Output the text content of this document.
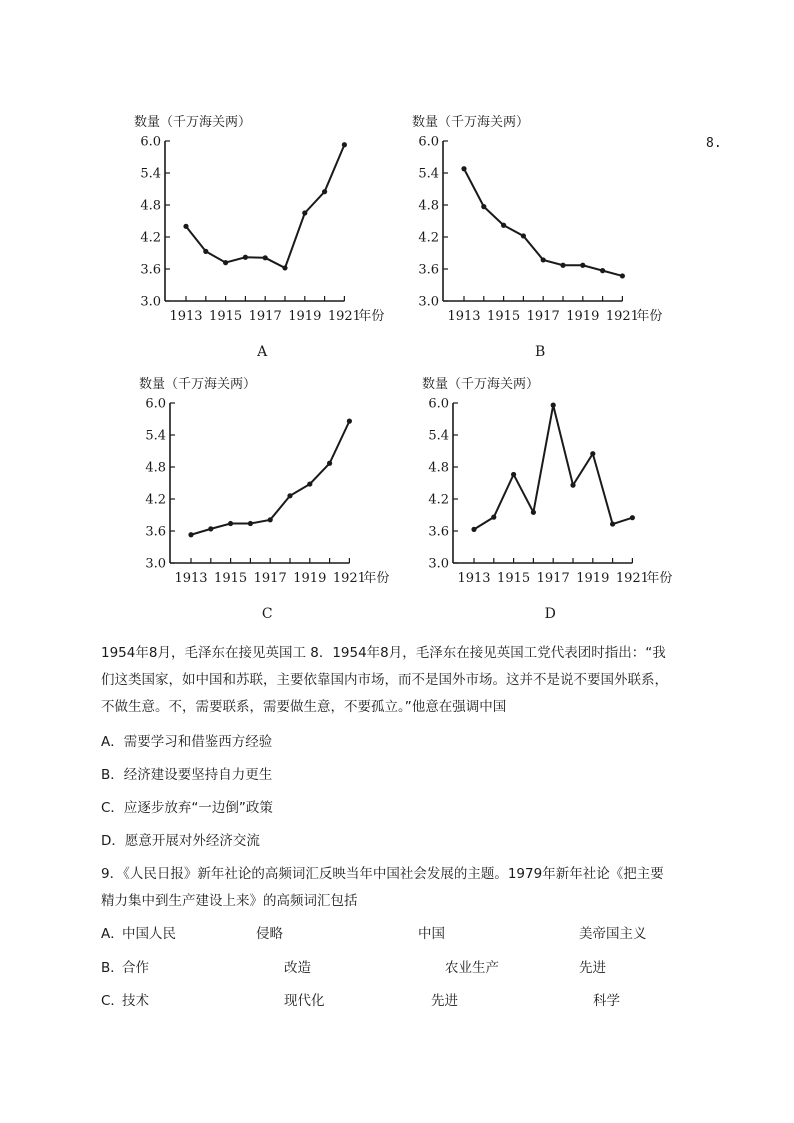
数量（千万海关两）
6.0
5.4
4.8
4.2
3.6
3.0
1913 1915 1917 1919 1921
年份
A
数量（千万海关两）
6.0
5.4
4.8
4.2
3.6
3.0
1913 1915 1917 1919 1921
年份
B
数量（千万海关两）
6.0
5.4
4.8
4.2
3.6
3.0
1913 1915 1917 1919 1921
年份
C
数量（千万海关两）
6.0
5.4
4.8
4.2
3.6
3.0
1913 1915 1917 1919 1921
年份
D
8.
1954年8月，毛泽东在接见英国工 8．1954年8月，毛泽东在接见英国工党代表团时指出：“我
们这类国家，如中国和苏联，主要依靠国内市场，而不是国外市场。这并不是说不要国外联系，
不做生意。不，需要联系，需要做生意，不要孤立。”他意在强调中国
A．需要学习和借鉴西方经验
B．经济建设要坚持自力更生
C．应逐步放弃“一边倒”政策
D．愿意开展对外经济交流
9．《人民日报》新年社论的高频词汇反映当年中国社会发展的主题。1979年新年社论《把主要
精力集中到生产建设上来》的高频词汇包括
A．
中国人民	侵略	中国	美帝国主义
B．
合作	改造	农业生产	先进
C．
技术	现代化	先进	科学
